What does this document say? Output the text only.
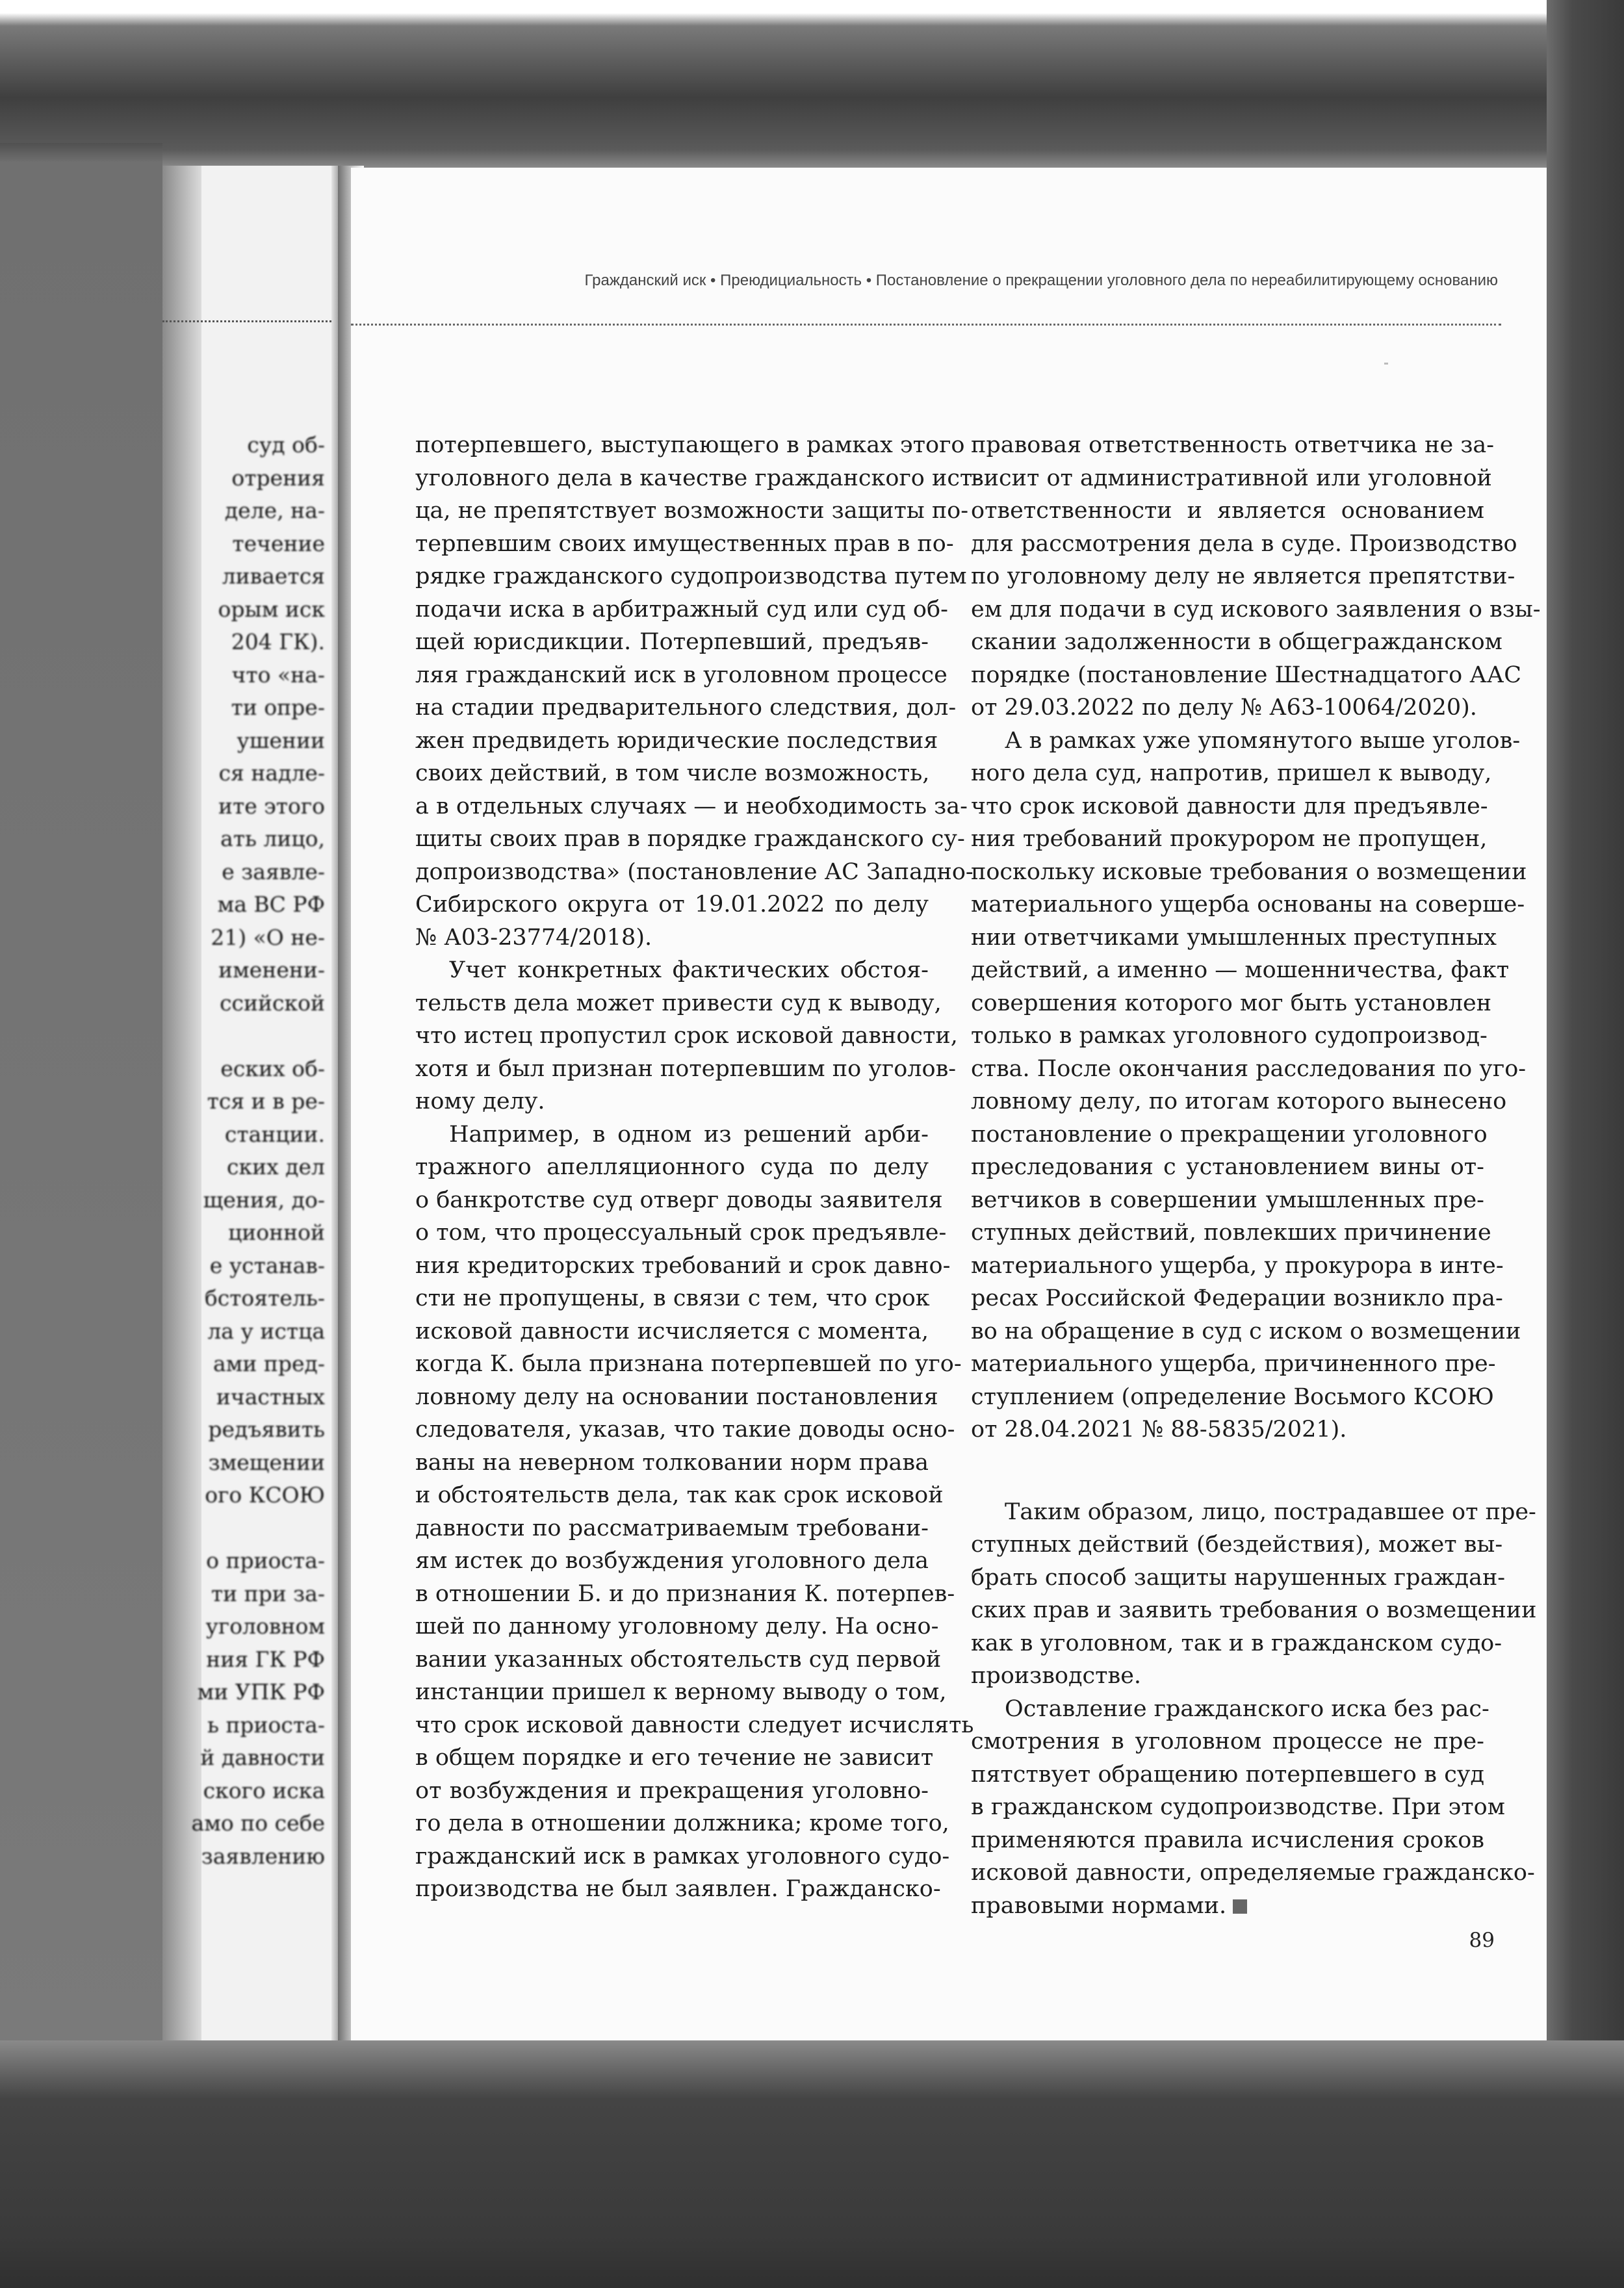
суд об-
отрения
деле, на-
течение
ливается
орым иск
204 ГК).
что «на-
ти опре-
ушении
ся надле-
ите этого
ать лицо,
е заявле-
ма ВС РФ
21) «О не-
именени-
ссийской
еских об-
тся и в ре-
станции.
ских дел
щения, до-
ционной
е устанав-
бстоятель-
ла у истца
ами пред-
ичастных
редъявить
змещении
ого КСОЮ
о приоста-
ти при за-
уголовном
ния ГК РФ
ми УПК РФ
ь приоста-
й давности
ского иска
амо по себе
заявлению
Гражданский иск • Преюдициальность • Постановление о прекращении уголовного дела по нереабилитирующему основанию

потерпевшего, выступающего в рамках этого
уголовного дела в качестве гражданского ист-
ца, не препятствует возможности защиты по-
терпевшим своих имущественных прав в по-
рядке гражданского судопроизводства путем
подачи иска в арбитражный суд или суд об-
щей юрисдикции. Потерпевший, предъяв-
ляя гражданский иск в уголовном процессе
на стадии предварительного следствия, дол-
жен предвидеть юридические последствия
своих действий, в том числе возможность,
а в отдельных случаях — и необходимость за-
щиты своих прав в порядке гражданского су-
допроизводства» (постановление АС Западно-
Сибирского округа от 19.01.2022 по делу
№ А03-23774/2018).

Учет конкретных фактических обстоя-
тельств дела может привести суд к выводу,
что истец пропустил срок исковой давности,
хотя и был признан потерпевшим по уголов-
ному делу.

Например, в одном из решений арби-
тражного апелляционного суда по делу
о банкротстве суд отверг доводы заявителя
о том, что процессуальный срок предъявле-
ния кредиторских требований и срок давно-
сти не пропущены, в связи с тем, что срок
исковой давности исчисляется с момента,
когда К. была признана потерпевшей по уго-
ловному делу на основании постановления
следователя, указав, что такие доводы осно-
ваны на неверном толковании норм права
и обстоятельств дела, так как срок исковой
давности по рассматриваемым требовани-
ям истек до возбуждения уголовного дела
в отношении Б. и до признания К. потерпев-
шей по данному уголовному делу. На осно-
вании указанных обстоятельств суд первой
инстанции пришел к верному выводу о том,
что срок исковой давности следует исчислять
в общем порядке и его течение не зависит
от возбуждения и прекращения уголовно-
го дела в отношении должника; кроме того,
гражданский иск в рамках уголовного судо-
производства не был заявлен. Гражданско-

правовая ответственность ответчика не за-
висит от административной или уголовной
ответственности и является основанием
для рассмотрения дела в суде. Производство
по уголовному делу не является препятстви-
ем для подачи в суд искового заявления о взы-
скании задолженности в общегражданском
порядке (постановление Шестнадцатого ААС
от 29.03.2022 по делу № А63-10064/2020).

А в рамках уже упомянутого выше уголов-
ного дела суд, напротив, пришел к выводу,
что срок исковой давности для предъявле-
ния требований прокурором не пропущен,
поскольку исковые требования о возмещении
материального ущерба основаны на соверше-
нии ответчиками умышленных преступных
действий, а именно — мошенничества, факт
совершения которого мог быть установлен
только в рамках уголовного судопроизвод-
ства. После окончания расследования по уго-
ловному делу, по итогам которого вынесено
постановление о прекращении уголовного
преследования с установлением вины от-
ветчиков в совершении умышленных пре-
ступных действий, повлекших причинение
материального ущерба, у прокурора в инте-
ресах Российской Федерации возникло пра-
во на обращение в суд с иском о возмещении
материального ущерба, причиненного пре-
ступлением (определение Восьмого КСОЮ
от 28.04.2021 № 88-5835/2021).

Таким образом, лицо, пострадавшее от пре-
ступных действий (бездействия), может вы-
брать способ защиты нарушенных граждан-
ских прав и заявить требования о возмещении
как в уголовном, так и в гражданском судо-
производстве.

Оставление гражданского иска без рас-
смотрения в уголовном процессе не пре-
пятствует обращению потерпевшего в суд
в гражданском судопроизводстве. При этом
применяются правила исчисления сроков
исковой давности, определяемые гражданско-
правовыми нормами.

89
